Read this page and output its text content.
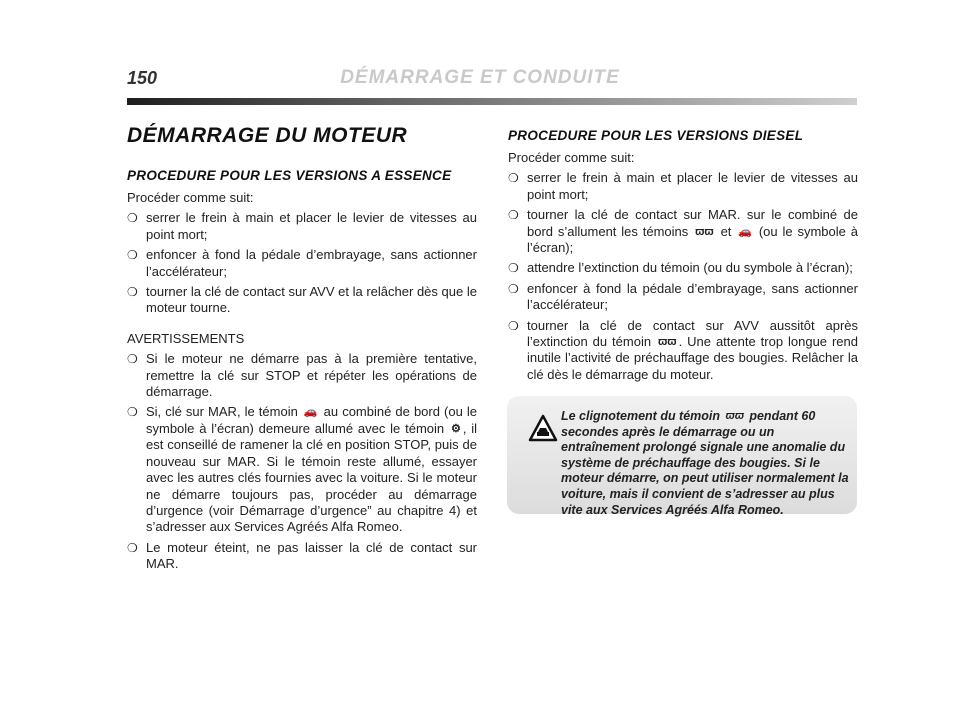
150	DÉMARRAGE ET CONDUITE
DÉMARRAGE DU MOTEUR
PROCEDURE POUR LES VERSIONS A ESSENCE

Procéder comme suit:

❍ serrer le frein à main et placer le levier de vitesses au point mort;
❍ enfoncer à fond la pédale d’embrayage, sans actionner l’accélérateur;
❍ tourner la clé de contact sur AVV et la relâcher dès que le moteur tourne.

AVERTISSEMENTS

❍ Si le moteur ne démarre pas à la première tentative, remettre la clé sur STOP et répéter les opérations de démarrage.
❍ Si, clé sur MAR, le témoin 🚗 au combiné de bord (ou le symbole à l’écran) demeure allumé avec le témoin ⚙ , il est conseillé de ramener la clé en position STOP, puis de nouveau sur MAR. Si le témoin reste allumé, essayer avec les autres clés fournies avec la voiture. Si le moteur ne démarre toujours pas, procéder au démarrage d’urgence (voir Démarrage d’urgence” au chapitre 4) et s’adresser aux Services Agréés Alfa Romeo.
❍ Le moteur éteint, ne pas laisser la clé de contact sur MAR.
PROCEDURE POUR LES VERSIONS DIESEL

Procéder comme suit:

❍ serrer le frein à main et placer le levier de vitesses au point mort;
❍ tourner la clé de contact sur MAR. sur le combiné de bord s’allument les témoins ϖϖ et 🚗 (ou le symbole à l’écran);
❍ attendre l’extinction du témoin (ou du symbole à l’écran);
❍ enfoncer à fond la pédale d’embrayage, sans actionner l’accélérateur;
❍ tourner la clé de contact sur AVV aussitôt après l’extinction du témoin ϖϖ . Une attente trop longue rend inutile l’activité de préchauffage des bougies. Relâcher la clé dès le démarrage du moteur.
Le clignotement du témoin ϖϖ pendant 60 secondes après le démarrage ou un entraînement prolongé signale une anomalie du système de préchauffage des bougies. Si le moteur démarre, on peut utiliser normalement la voiture, mais il convient de s’adresser au plus vite aux Services Agréés Alfa Romeo.
